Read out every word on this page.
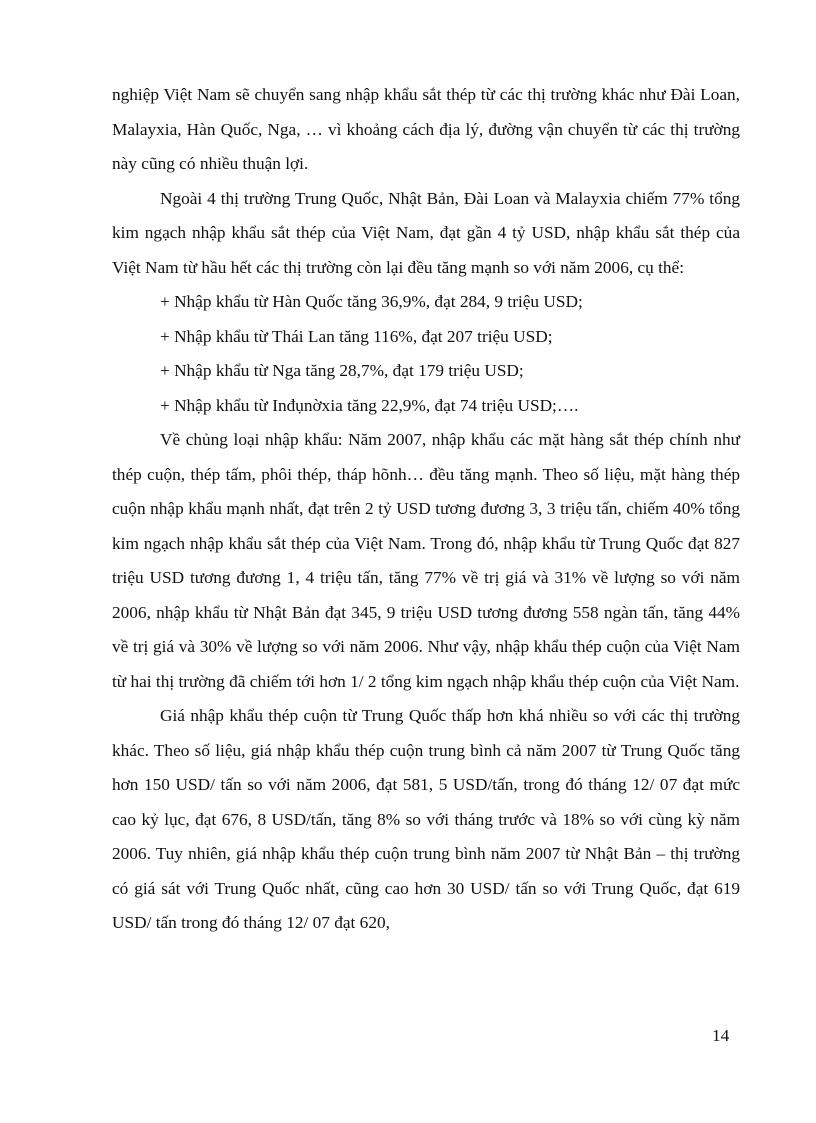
nghiệp Việt Nam sẽ chuyển sang nhập khẩu sắt thép từ các thị trường khác như Đài Loan, Malayxia, Hàn Quốc, Nga, … vì khoảng cách địa lý, đường vận chuyển từ các thị trường này cũng có nhiều thuận lợi.

Ngoài 4 thị trường Trung Quốc, Nhật Bản, Đài Loan và Malayxia chiếm 77% tổng kim ngạch nhập khẩu sắt thép của Việt Nam, đạt gần 4 tỷ USD, nhập khẩu sắt thép của Việt Nam từ hầu hết các thị trường còn lại đều tăng mạnh so với năm 2006, cụ thể:

+ Nhập khẩu từ Hàn Quốc tăng 36,9%, đạt 284, 9 triệu USD;

+ Nhập khẩu từ Thái Lan tăng 116%, đạt 207 triệu USD;

+ Nhập khẩu từ Nga tăng 28,7%, đạt 179 triệu USD;

+ Nhập khẩu từ Inđụnờxia tăng 22,9%, đạt 74 triệu USD;….

Về chủng loại nhập khẩu: Năm 2007, nhập khẩu các mặt hàng sắt thép chính như thép cuộn, thép tấm, phôi thép, tháp hõnh… đều tăng mạnh. Theo số liệu, mặt hàng thép cuộn nhập khẩu mạnh nhất, đạt trên 2 tỷ USD tương đương 3, 3 triệu tấn, chiếm 40% tổng kim ngạch nhập khẩu sắt thép của Việt Nam. Trong đó, nhập khẩu từ Trung Quốc đạt 827 triệu USD tương đương 1, 4 triệu tấn, tăng 77% về trị giá và 31% về lượng so với năm 2006, nhập khẩu từ Nhật Bản đạt 345, 9 triệu USD tương đương 558 ngàn tấn, tăng 44% về trị giá và 30% về lượng so với năm 2006. Như vậy, nhập khẩu thép cuộn của Việt Nam từ hai thị trường đã chiếm tới hơn 1/ 2 tổng kim ngạch nhập khẩu thép cuộn của Việt Nam.

Giá nhập khẩu thép cuộn từ Trung Quốc thấp hơn khá nhiều so với các thị trường khác. Theo số liệu, giá nhập khẩu thép cuộn trung bình cả năm 2007 từ Trung Quốc tăng hơn 150 USD/ tấn so với năm 2006, đạt 581, 5 USD/tấn, trong đó tháng 12/ 07 đạt mức cao kỷ lục, đạt 676, 8 USD/tấn, tăng 8% so với tháng trước và 18% so với cùng kỳ năm 2006. Tuy nhiên, giá nhập khẩu thép cuộn trung bình năm 2007 từ Nhật Bản – thị trường có giá sát với Trung Quốc nhất, cũng cao hơn 30 USD/ tấn so với Trung Quốc, đạt 619 USD/ tấn trong đó tháng 12/ 07 đạt 620,

14
